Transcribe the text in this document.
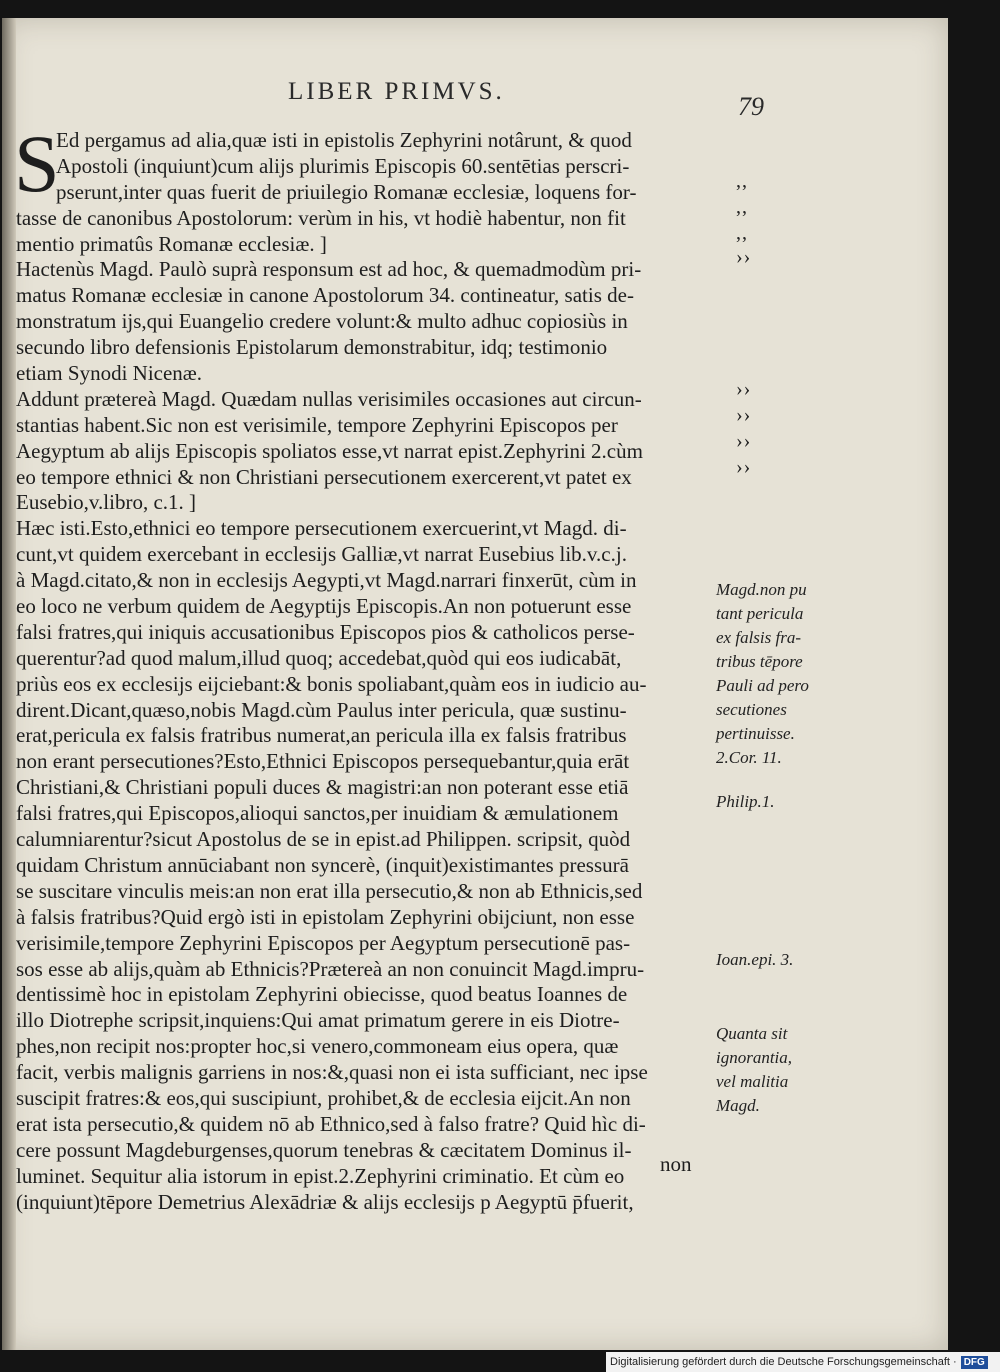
LIBER PRIMVS.
79
S
Ed pergamus ad alia,quæ isti in epistolis Zephyrini notârunt, & quod
Apostoli (inquiunt)cum alijs plurimis Episcopis 60.sentētias perscri-
pserunt,inter quas fuerit de priuilegio Romanæ ecclesiæ, loquens for-
tasse de canonibus Apostolorum: verùm in his, vt hodiè habentur, non fit
mentio primatûs Romanæ ecclesiæ. ]
Hactenùs Magd. Paulò suprà responsum est ad hoc, & quemadmodùm pri-
matus Romanæ ecclesiæ in canone Apostolorum 34. contineatur, satis de-
monstratum ijs,qui Euangelio credere volunt:& multo adhuc copiosiùs in
secundo libro defensionis Epistolarum demonstrabitur, idq; testimonio
etiam Synodi Nicenæ.
Addunt prætereà Magd. Quædam nullas verisimiles occasiones aut circun-
stantias habent.Sic non est verisimile, tempore Zephyrini Episcopos per
Aegyptum ab alijs Episcopis spoliatos esse,vt narrat epist.Zephyrini 2.cùm
eo tempore ethnici & non Christiani persecutionem exercerent,vt patet ex
Eusebio,v.libro, c.1. ]
Hæc isti.Esto,ethnici eo tempore persecutionem exercuerint,vt Magd. di-
cunt,vt quidem exercebant in ecclesijs Galliæ,vt narrat Eusebius lib.v.c.j.
à Magd.citato,& non in ecclesijs Aegypti,vt Magd.narrari finxerūt, cùm in
eo loco ne verbum quidem de Aegyptijs Episcopis.An non potuerunt esse
falsi fratres,qui iniquis accusationibus Episcopos pios & catholicos perse-
querentur?ad quod malum,illud quoq; accedebat,quòd qui eos iudicabāt,
priùs eos ex ecclesijs eijciebant:& bonis spoliabant,quàm eos in iudicio au-
dirent.Dicant,quæso,nobis Magd.cùm Paulus inter pericula, quæ sustinu-
erat,pericula ex falsis fratribus numerat,an pericula illa ex falsis fratribus
non erant persecutiones?Esto,Ethnici Episcopos persequebantur,quia erāt
Christiani,& Christiani populi duces & magistri:an non poterant esse etiā
falsi fratres,qui Episcopos,alioqui sanctos,per inuidiam & æmulationem
calumniarentur?sicut Apostolus de se in epist.ad Philippen. scripsit, quòd
quidam Christum annūciabant non syncerè, (inquit)existimantes pressurā
se suscitare vinculis meis:an non erat illa persecutio,& non ab Ethnicis,sed
à falsis fratribus?Quid ergò isti in epistolam Zephyrini obijciunt, non esse
verisimile,tempore Zephyrini Episcopos per Aegyptum persecutionē pas-
sos esse ab alijs,quàm ab Ethnicis?Prætereà an non conuincit Magd.impru-
dentissimè hoc in epistolam Zephyrini obiecisse, quod beatus Ioannes de
illo Diotrephe scripsit,inquiens:Qui amat primatum gerere in eis Diotre-
phes,non recipit nos:propter hoc,si venero,commoneam eius opera, quæ
facit, verbis malignis garriens in nos:&,quasi non ei ista sufficiant, nec ipse
suscipit fratres:& eos,qui suscipiunt, prohibet,& de ecclesia eijcit.An non
erat ista persecutio,& quidem nō ab Ethnico,sed à falso fratre? Quid hìc di-
cere possunt Magdeburgenses,quorum tenebras & cæcitatem Dominus il-
luminet. Sequitur alia istorum in epist.2.Zephyrini criminatio. Et cùm eo
(inquiunt)tēpore Demetrius Alexādriæ & alijs ecclesijs p Aegyptū p̄fuerit,
,,
,,
,,
››
››
››
››
››
Magd.non pu
tant pericula
ex falsis fra-
tribus tēpore
Pauli ad pero
secutiones
pertinuisse.
2.Cor. 11.
Philip.1.
Ioan.epi. 3.
Quanta sit
ignorantia,
vel malitia
Magd.
non
Digitalisierung gefördert durch die Deutsche Forschungsgemeinschaft · DFG
